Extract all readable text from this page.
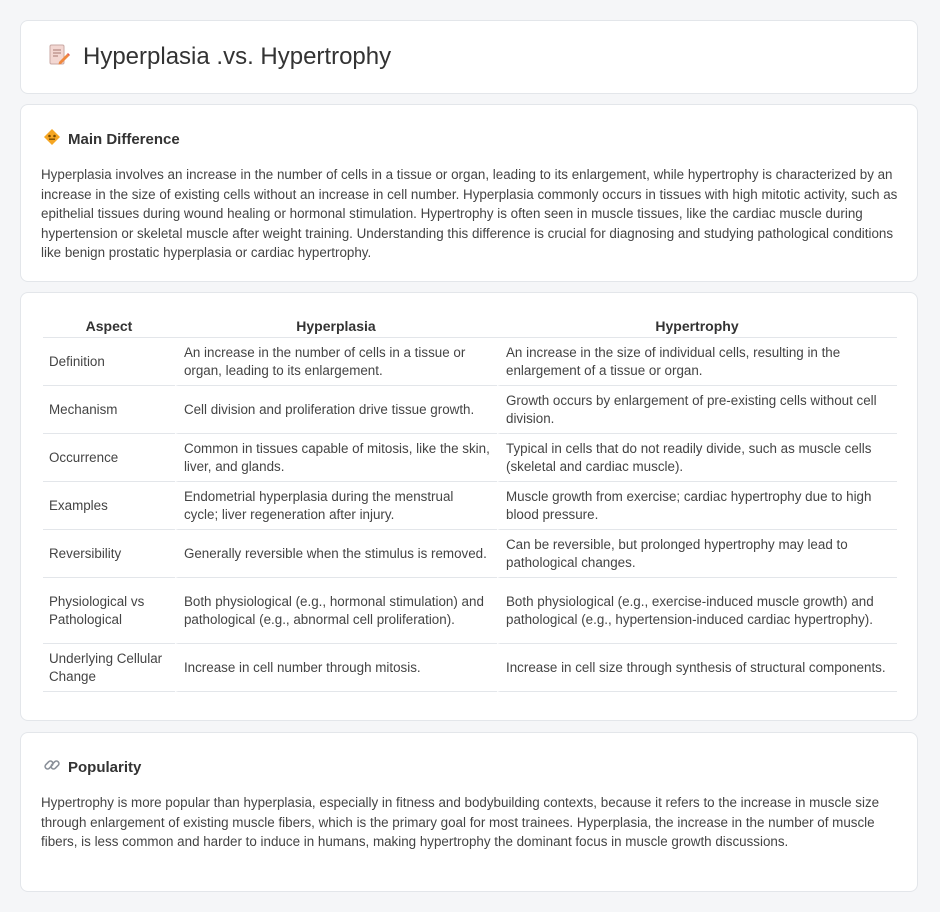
Hyperplasia .vs. Hypertrophy
Main Difference

Hyperplasia involves an increase in the number of cells in a tissue or organ, leading to its enlargement, while hypertrophy is characterized by an increase in the size of existing cells without an increase in cell number. Hyperplasia commonly occurs in tissues with high mitotic activity, such as epithelial tissues during wound healing or hormonal stimulation. Hypertrophy is often seen in muscle tissues, like the cardiac muscle during hypertension or skeletal muscle after weight training. Understanding this difference is crucial for diagnosing and studying pathological conditions like benign prostatic hyperplasia or cardiac hypertrophy.

Aspect	Hyperplasia	Hypertrophy
Definition	An increase in the number of cells in a tissue or organ, leading to its enlargement.	An increase in the size of individual cells, resulting in the enlargement of a tissue or organ.
Mechanism	Cell division and proliferation drive tissue growth.	Growth occurs by enlargement of pre-existing cells without cell division.
Occurrence	Common in tissues capable of mitosis, like the skin, liver, and glands.	Typical in cells that do not readily divide, such as muscle cells (skeletal and cardiac muscle).
Examples	Endometrial hyperplasia during the menstrual cycle; liver regeneration after injury.	Muscle growth from exercise; cardiac hypertrophy due to high blood pressure.
Reversibility	Generally reversible when the stimulus is removed.	Can be reversible, but prolonged hypertrophy may lead to pathological changes.
Physiological vs Pathological	Both physiological (e.g., hormonal stimulation) and pathological (e.g., abnormal cell proliferation).	Both physiological (e.g., exercise-induced muscle growth) and pathological (e.g., hypertension-induced cardiac hypertrophy).
Underlying Cellular Change	Increase in cell number through mitosis.	Increase in cell size through synthesis of structural components.
Popularity

Hypertrophy is more popular than hyperplasia, especially in fitness and bodybuilding contexts, because it refers to the increase in muscle size through enlargement of existing muscle fibers, which is the primary goal for most trainees. Hyperplasia, the increase in the number of muscle fibers, is less common and harder to induce in humans, making hypertrophy the dominant focus in muscle growth discussions.
